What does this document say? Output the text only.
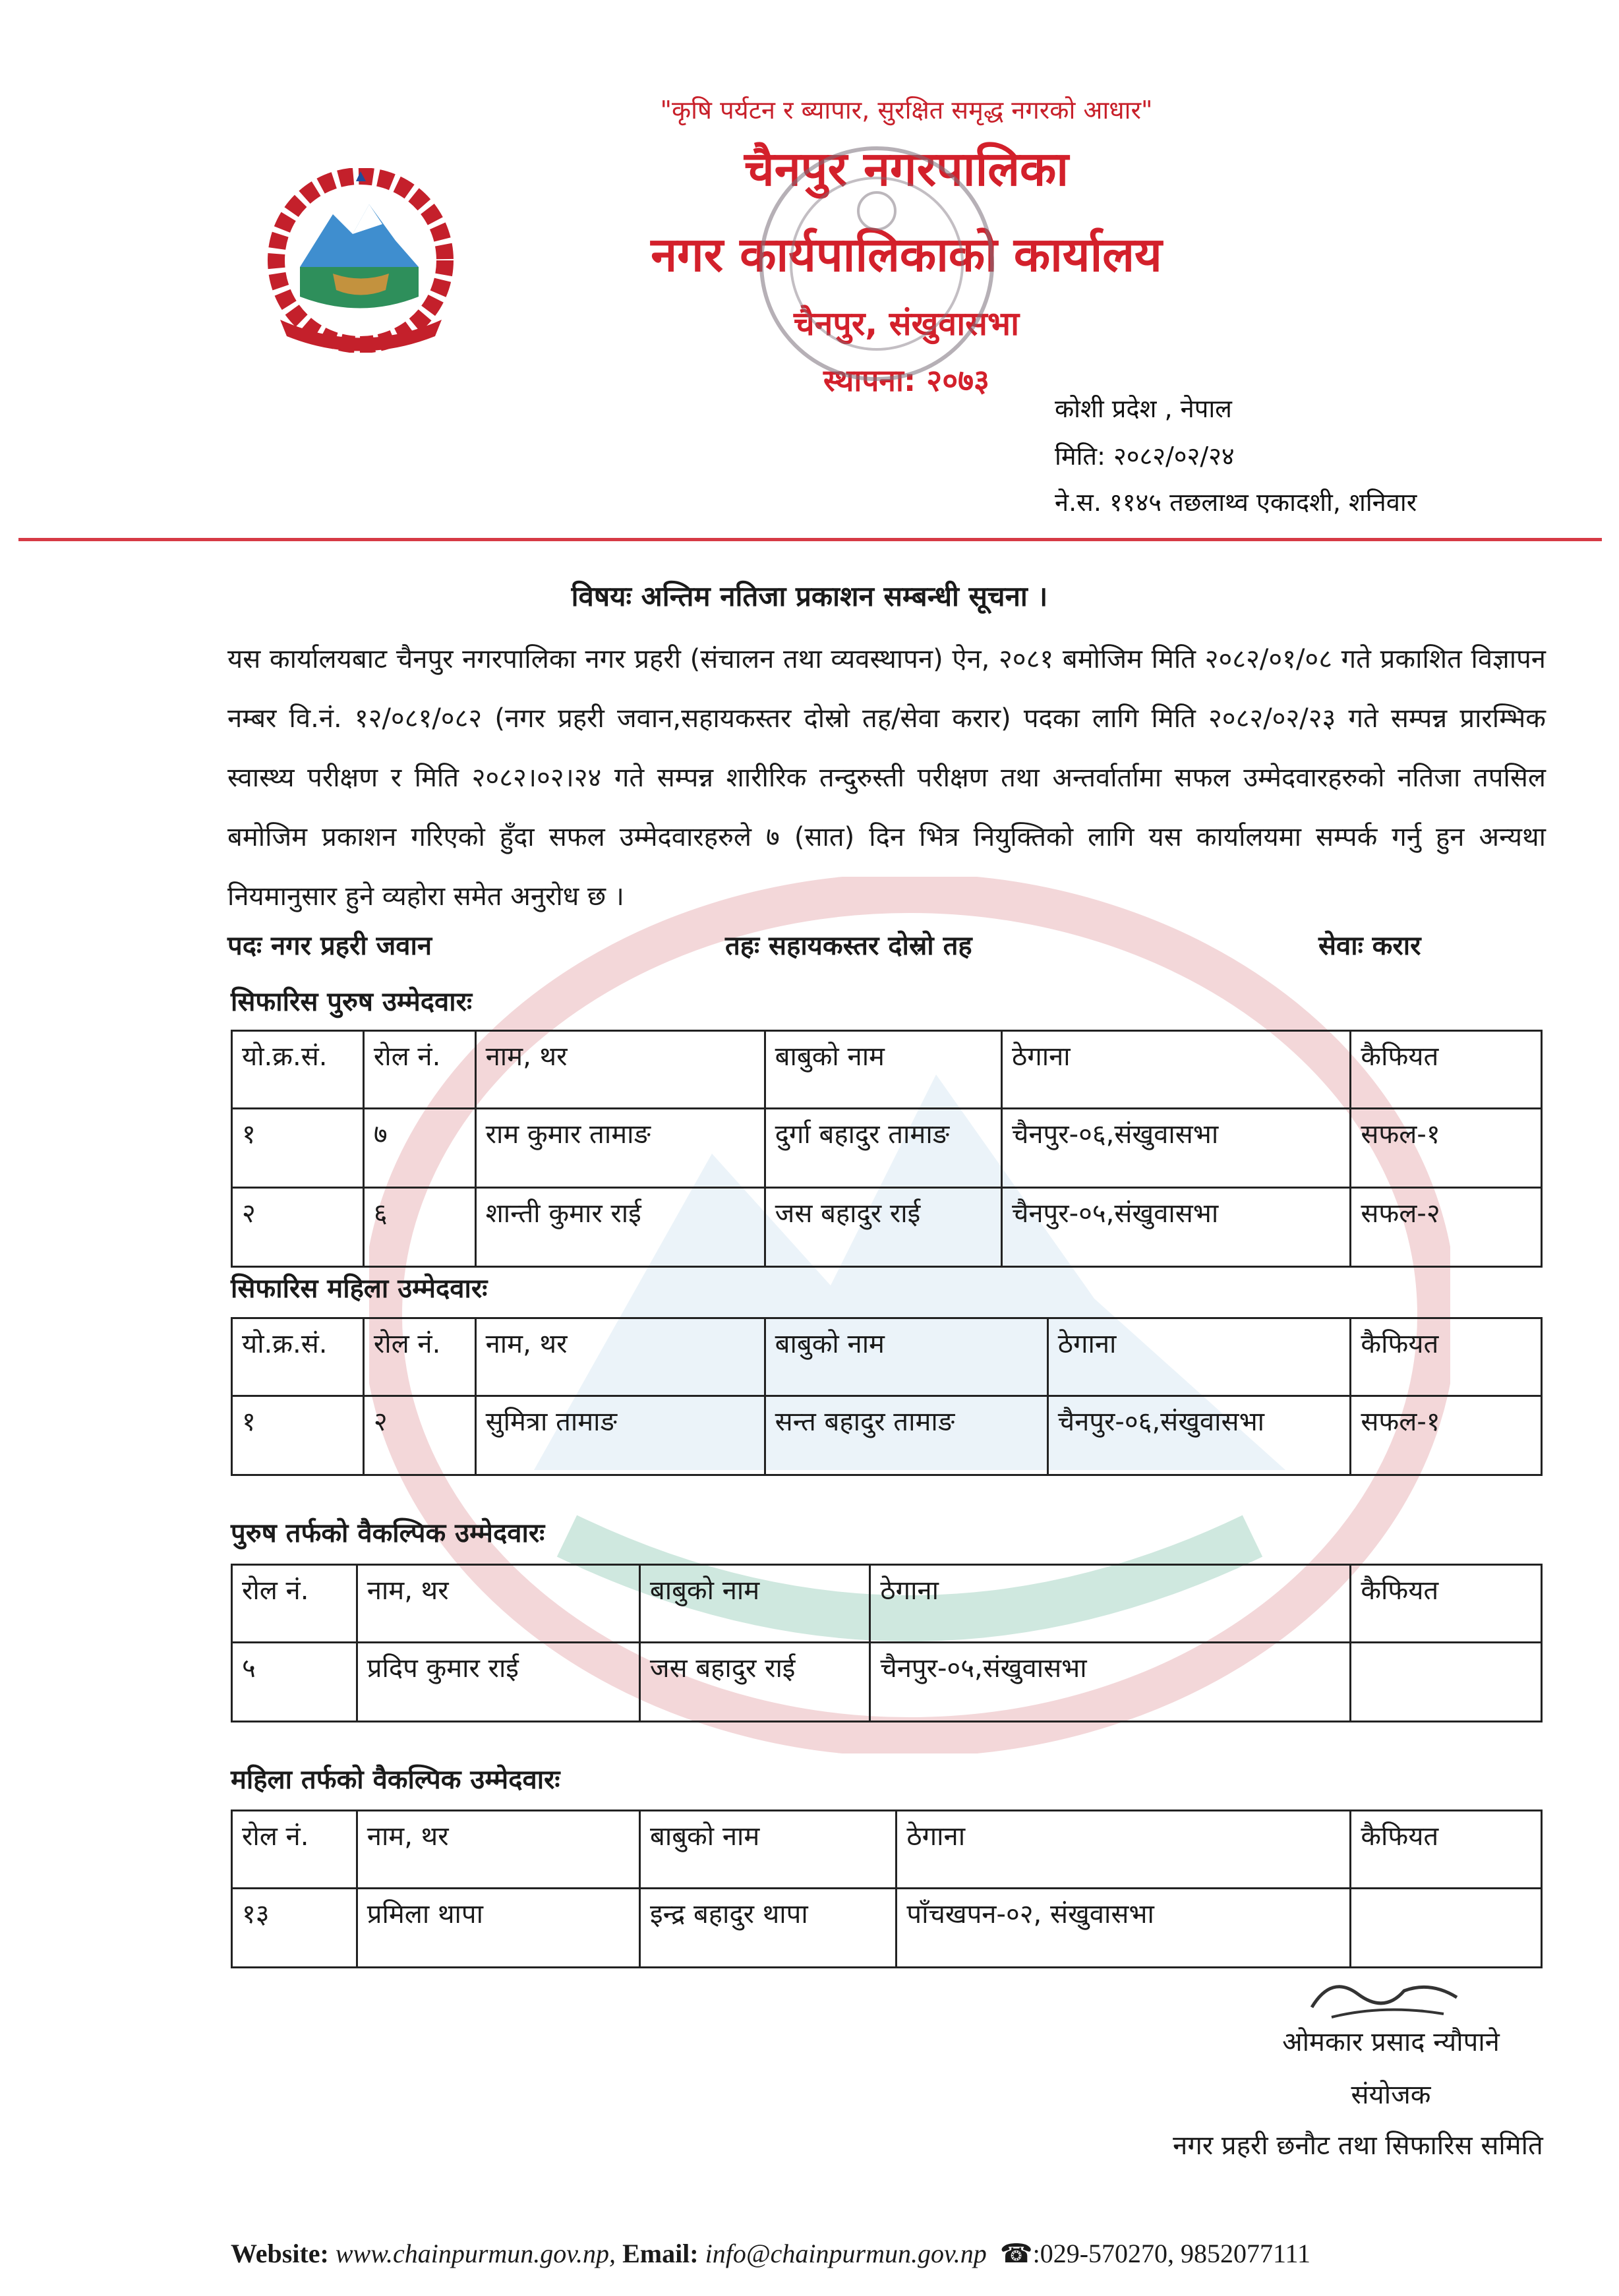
"कृषि पर्यटन र ब्यापार, सुरक्षित समृद्ध नगरको आधार"
चैनपुर नगरपालिका
नगर कार्यपालिकाको कार्यालय
चैनपुर, संखुवासभा
स्थापना: २०७३
कोशी प्रदेश , नेपाल
मिति: २०८२/०२/२४
ने.स. ११४५ तछलाथ्व एकादशी, शनिवार
विषयः अन्तिम नतिजा प्रकाशन सम्बन्धी सूचना ।
यस कार्यालयबाट चैनपुर नगरपालिका नगर प्रहरी (संचालन तथा व्यवस्थापन) ऐन, २०८१ बमोजिम मिति २०८२/०१/०८ गते प्रकाशित विज्ञापन नम्बर वि.नं. १२/०८१/०८२ (नगर प्रहरी जवान,सहायकस्तर दोस्रो तह/सेवा करार) पदका लागि मिति २०८२/०२/२३ गते सम्पन्न प्रारम्भिक स्वास्थ्य परीक्षण र मिति २०८२।०२।२४ गते सम्पन्न शारीरिक तन्दुरुस्ती परीक्षण तथा अन्तर्वार्तामा सफल उम्मेदवारहरुको नतिजा तपसिल बमोजिम प्रकाशन गरिएको हुँदा सफल उम्मेदवारहरुले ७ (सात) दिन भित्र नियुक्तिको लागि यस कार्यालयमा सम्पर्क गर्नु हुन अन्यथा नियमानुसार हुने व्यहोरा समेत अनुरोध छ ।
पदः नगर प्रहरी जवान	तहः सहायकस्तर दोस्रो तह	सेवाः करार
सिफारिस पुरुष उम्मेदवारः
यो.क्र.सं.	रोल नं.	नाम, थर	बाबुको नाम	ठेगाना	कैफियत
१	७	राम कुमार तामाङ	दुर्गा बहादुर तामाङ	चैनपुर-०६,संखुवासभा	सफल-१
२	६	शान्ती कुमार राई	जस बहादुर राई	चैनपुर-०५,संखुवासभा	सफल-२
सिफारिस महिला उम्मेदवारः
यो.क्र.सं.	रोल नं.	नाम, थर	बाबुको नाम	ठेगाना	कैफियत
१	२	सुमित्रा तामाङ	सन्त बहादुर तामाङ	चैनपुर-०६,संखुवासभा	सफल-१
पुरुष तर्फको वैकल्पिक उम्मेदवारः
रोल नं.	नाम, थर	बाबुको नाम	ठेगाना	कैफियत
५	प्रदिप कुमार राई	जस बहादुर राई	चैनपुर-०५,संखुवासभा	
महिला तर्फको वैकल्पिक उम्मेदवारः
रोल नं.	नाम, थर	बाबुको नाम	ठेगाना	कैफियत
१३	प्रमिला थापा	इन्द्र बहादुर थापा	पाँचखपन-०२, संखुवासभा	
ओमकार प्रसाद न्यौपाने
संयोजक
नगर प्रहरी छनौट तथा सिफारिस समिति
Website: www.chainpurmun.gov.np, Email: info@chainpurmun.gov.np ☎:029-570270, 9852077111
